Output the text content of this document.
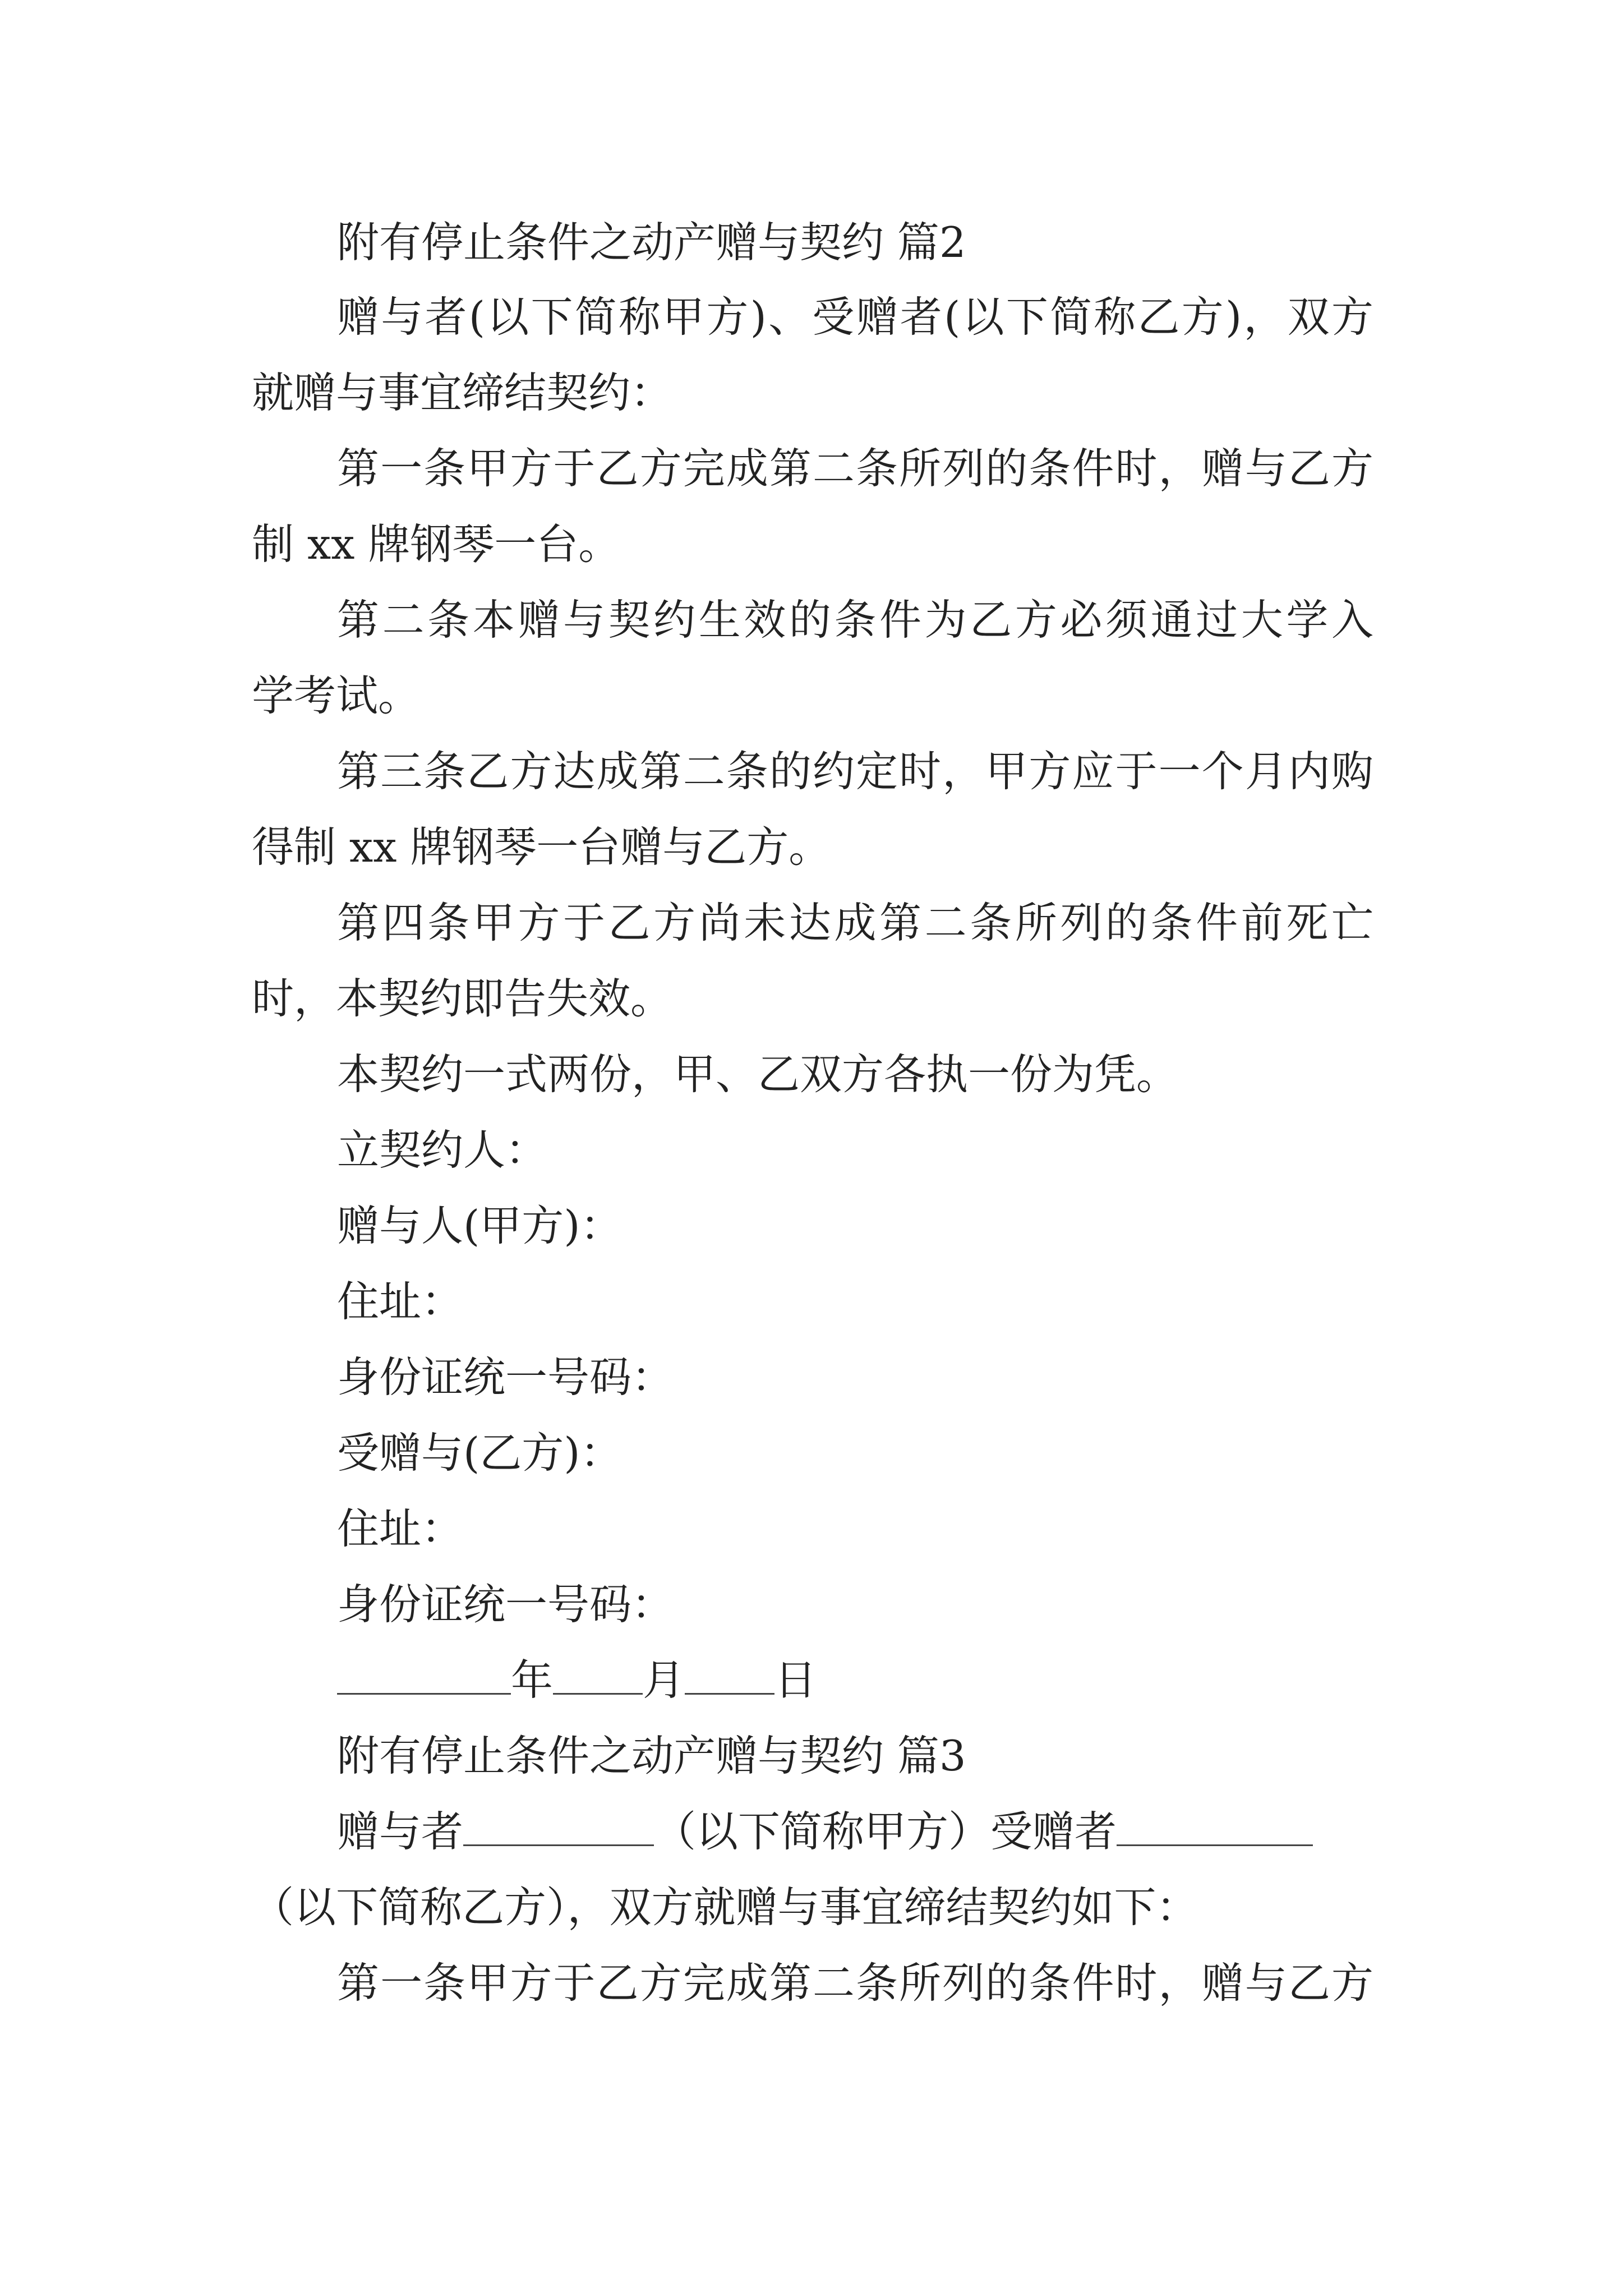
附有停止条件之动产赠与契约 篇2
赠与者(以下简称甲方)、受赠者(以下简称乙方)，双方
就赠与事宜缔结契约：
第一条甲方于乙方完成第二条所列的条件时，赠与乙方
制 xx 牌钢琴一台。
第二条本赠与契约生效的条件为乙方必须通过大学入
学考试。
第三条乙方达成第二条的约定时，甲方应于一个月内购
得制 xx 牌钢琴一台赠与乙方。
第四条甲方于乙方尚未达成第二条所列的条件前死亡
时，本契约即告失效。
本契约一式两份，甲、乙双方各执一份为凭。
立契约人：
赠与人(甲方)：
住址：
身份证统一号码：
受赠与(乙方)：
住址：
身份证统一号码：
年 月 日
附有停止条件之动产赠与契约 篇3
赠与者	（以下简称甲方）受赠者
（以下简称乙方），双方就赠与事宜缔结契约如下：
第一条甲方于乙方完成第二条所列的条件时，赠与乙方
